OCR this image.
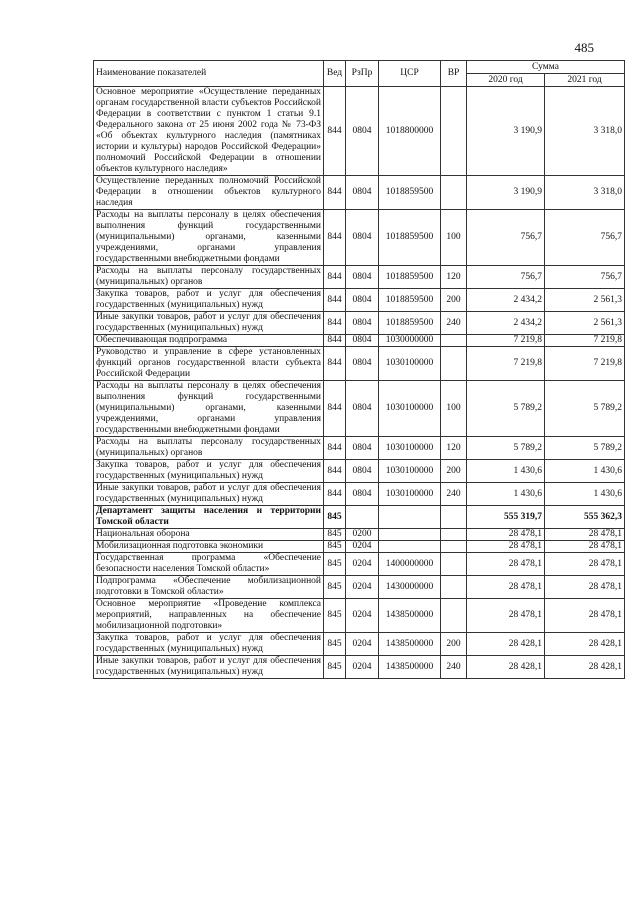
485
Наименование показателей	Вед	РзПр	ЦСР	ВР	Сумма	
					2020 год	2021 год
Основное мероприятие «Осуществление переданных органам государственной власти субъектов Российской Федерации в соответствии с пунктом 1 статьи 9.1 Федерального закона от 25 июня 2002 года № 73-ФЗ «Об объектах культурного наследия (памятниках истории и культуры) народов Российской Федерации» полномочий Российской Федерации в отношении объектов культурного наследия»	844	0804	1018800000		3 190,9	3 318,0
Осуществление переданных полномочий Российской Федерации в отношении объектов культурного наследия	844	0804	1018859500		3 190,9	3 318,0
Расходы на выплаты персоналу в целях обеспечения выполнения функций государственными (муниципальными) органами, казенными учреждениями, органами управления государственными внебюджетными фондами	844	0804	1018859500	100	756,7	756,7
Расходы на выплаты персоналу государственных (муниципальных) органов	844	0804	1018859500	120	756,7	756,7
Закупка товаров, работ и услуг для обеспечения государственных (муниципальных) нужд	844	0804	1018859500	200	2 434,2	2 561,3
Иные закупки товаров, работ и услуг для обеспечения государственных (муниципальных) нужд	844	0804	1018859500	240	2 434,2	2 561,3
Обеспечивающая подпрограмма	844	0804	1030000000		7 219,8	7 219,8
Руководство и управление в сфере установленных функций органов государственной власти субъекта Российской Федерации	844	0804	1030100000		7 219,8	7 219,8
Расходы на выплаты персоналу в целях обеспечения выполнения функций государственными (муниципальными) органами, казенными учреждениями, органами управления государственными внебюджетными фондами	844	0804	1030100000	100	5 789,2	5 789,2
Расходы на выплаты персоналу государственных (муниципальных) органов	844	0804	1030100000	120	5 789,2	5 789,2
Закупка товаров, работ и услуг для обеспечения государственных (муниципальных) нужд	844	0804	1030100000	200	1 430,6	1 430,6
Иные закупки товаров, работ и услуг для обеспечения государственных (муниципальных) нужд	844	0804	1030100000	240	1 430,6	1 430,6
Департамент защиты населения и территории Томской области	845				555 319,7	555 362,3
Национальная оборона	845	0200			28 478,1	28 478,1
Мобилизационная подготовка экономики	845	0204			28 478,1	28 478,1
Государственная программа «Обеспечение безопасности населения Томской области»	845	0204	1400000000		28 478,1	28 478,1
Подпрограмма «Обеспечение мобилизационной подготовки в Томской области»	845	0204	1430000000		28 478,1	28 478,1
Основное мероприятие «Проведение комплекса мероприятий, направленных на обеспечение мобилизационной подготовки»	845	0204	1438500000		28 478,1	28 478,1
Закупка товаров, работ и услуг для обеспечения государственных (муниципальных) нужд	845	0204	1438500000	200	28 428,1	28 428,1
Иные закупки товаров, работ и услуг для обеспечения государственных (муниципальных) нужд	845	0204	1438500000	240	28 428,1	28 428,1
